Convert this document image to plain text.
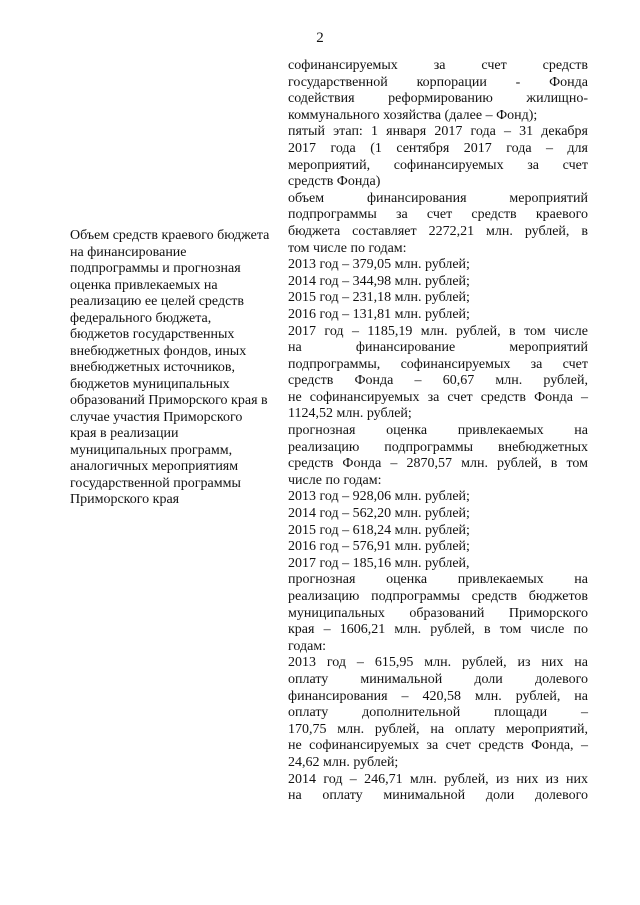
2
Объем средств краевого бюджета на финансирование подпрограммы и прогнозная оценка привлекаемых на реализацию ее целей средств федерального бюджета, бюджетов государственных внебюджетных фондов, иных внебюджетных источников, бюджетов муниципальных образований Приморского края в случае участия Приморского края в реализации муниципальных программ, аналогичных мероприятиям государственной программы Приморского края

софинансируемых за счет средств

государственной корпорации - Фонда

содействия реформированию жилищно-

коммунального хозяйства (далее – Фонд);

пятый этап: 1 января 2017 года – 31 декабря

2017 года (1 сентября 2017 года – для

мероприятий, софинансируемых за счет

средств Фонда)

объем финансирования мероприятий

подпрограммы за счет средств краевого

бюджета составляет 2272,21 млн. рублей, в

том числе по годам:

2013 год – 379,05 млн. рублей;

2014 год – 344,98 млн. рублей;

2015 год – 231,18 млн. рублей;

2016 год – 131,81 млн. рублей;

2017 год – 1185,19 млн. рублей, в том числе

на финансирование мероприятий

подпрограммы, софинансируемых за счет

средств Фонда – 60,67 млн. рублей,

не софинансируемых за счет средств Фонда –

1124,52 млн. рублей;

прогнозная оценка привлекаемых на

реализацию подпрограммы внебюджетных

средств Фонда – 2870,57 млн. рублей, в том

числе по годам:

2013 год – 928,06 млн. рублей;

2014 год – 562,20 млн. рублей;

2015 год – 618,24 млн. рублей;

2016 год – 576,91 млн. рублей;

2017 год – 185,16 млн. рублей,

прогнозная оценка привлекаемых на

реализацию подпрограммы средств бюджетов

муниципальных образований Приморского

края – 1606,21 млн. рублей, в том числе по

годам:

2013 год – 615,95 млн. рублей, из них на

оплату минимальной доли долевого

финансирования – 420,58 млн. рублей, на

оплату дополнительной площади –

170,75 млн. рублей, на оплату мероприятий,

не софинансируемых за счет средств Фонда, –

24,62 млн. рублей;

2014 год – 246,71 млн. рублей, из них из них

на оплату минимальной доли долевого
